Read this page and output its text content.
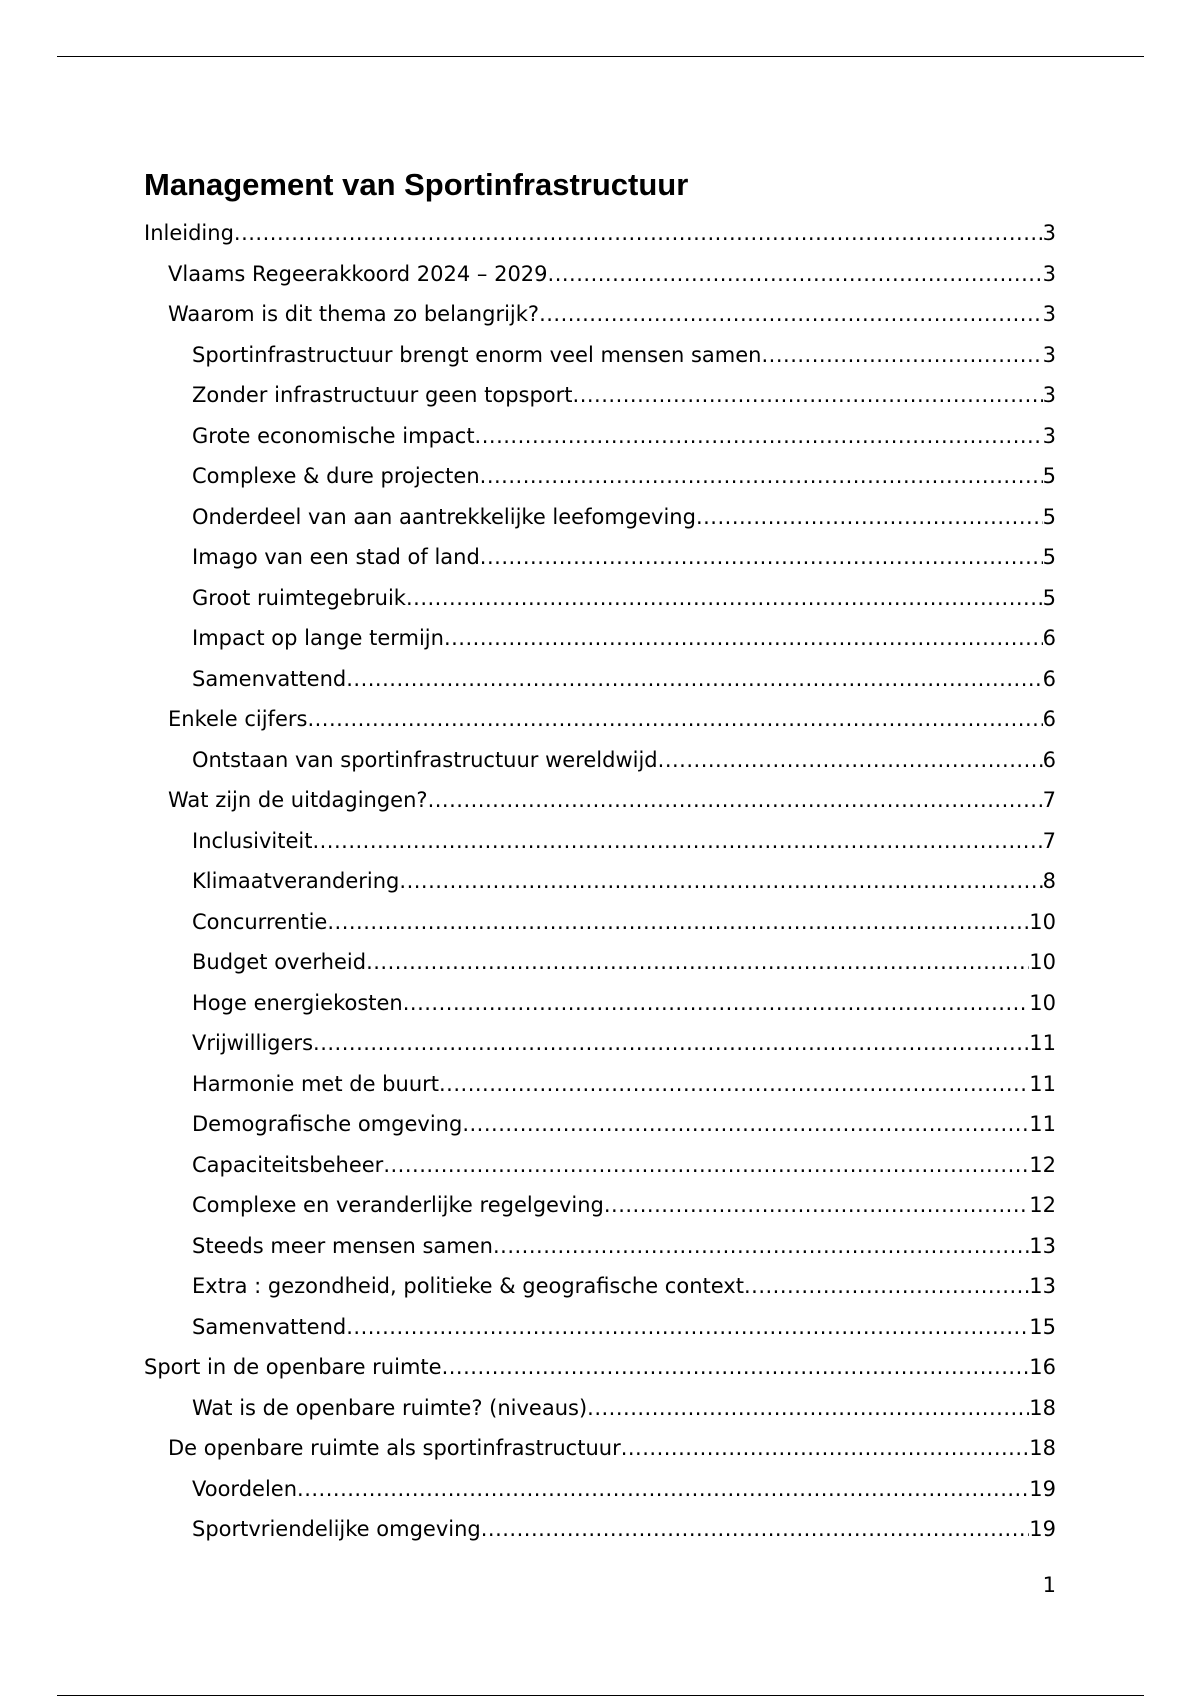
Management van Sportinfrastructuur
Inleiding .....	3
Vlaams Regeerakkoord 2024 – 2029 .....	3
Waarom is dit thema zo belangrijk? .....	3
Sportinfrastructuur brengt enorm veel mensen samen .....	3
Zonder infrastructuur geen topsport .....	3
Grote economische impact .....	3
Complexe & dure projecten .....	5
Onderdeel van aan aantrekkelijke leefomgeving .....	5
Imago van een stad of land .....	5
Groot ruimtegebruik .....	5
Impact op lange termijn .....	6
Samenvattend .....	6
Enkele cijfers .....	6
Ontstaan van sportinfrastructuur wereldwijd .....	6
Wat zijn de uitdagingen? .....	7
Inclusiviteit .....	7
Klimaatverandering .....	8
Concurrentie .....	10
Budget overheid .....	10
Hoge energiekosten .....	10
Vrijwilligers .....	11
Harmonie met de buurt .....	11
Demografische omgeving .....	11
Capaciteitsbeheer .....	12
Complexe en veranderlijke regelgeving .....	12
Steeds meer mensen samen .....	13
Extra : gezondheid, politieke & geografische context .....	13
Samenvattend .....	15
Sport in de openbare ruimte .....	16
Wat is de openbare ruimte? (niveaus) .....	18
De openbare ruimte als sportinfrastructuur .....	18
Voordelen .....	19
Sportvriendelijke omgeving .....	19
1
